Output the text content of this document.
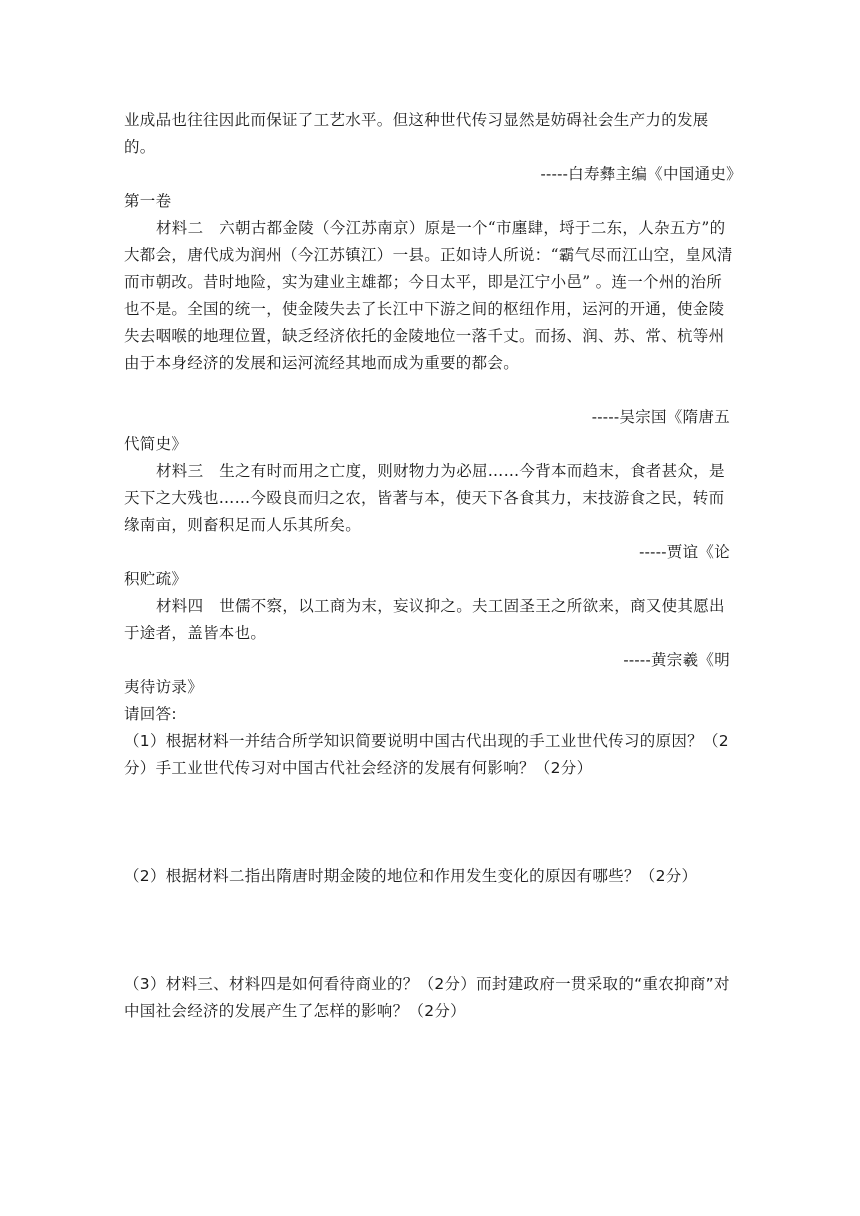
业成品也往往因此而保证了工艺水平。但这种世代传习显然是妨碍社会生产力的发展的。
-----白寿彝主编《中国通史》
第一卷
材料二　六朝古都金陵（今江苏南京）原是一个“市廛肆，埒于二东，人杂五方”的大都会，唐代成为润州（今江苏镇江）一县。正如诗人所说：“霸气尽而江山空，皇风清而市朝改。昔时地险，实为建业主雄都；今日太平，即是江宁小邑” 。连一个州的治所也不是。全国的统一，使金陵失去了长江中下游之间的枢纽作用，运河的开通，使金陵失去咽喉的地理位置，缺乏经济依托的金陵地位一落千丈。而扬、润、苏、常、杭等州由于本身经济的发展和运河流经其地而成为重要的都会。
-----吴宗国《隋唐五
代简史》
材料三　生之有时而用之亡度，则财物力为必屈……今背本而趋末，食者甚众，是天下之大残也……今殴良而归之农，皆著与本，使天下各食其力，末技游食之民，转而缘南亩，则畜积足而人乐其所矣。
-----贾谊《论
积贮疏》
材料四　世儒不察，以工商为末，妄议抑之。夫工固圣王之所欲来，商又使其愿出于途者，盖皆本也。
-----黄宗羲《明
夷待访录》
请回答:
（1）根据材料一并结合所学知识简要说明中国古代出现的手工业世代传习的原因？（2分）手工业世代传习对中国古代社会经济的发展有何影响？（2分）
（2）根据材料二指出隋唐时期金陵的地位和作用发生变化的原因有哪些？（2分）
（3）材料三、材料四是如何看待商业的？（2分）而封建政府一贯采取的“重农抑商”对中国社会经济的发展产生了怎样的影响？（2分）
